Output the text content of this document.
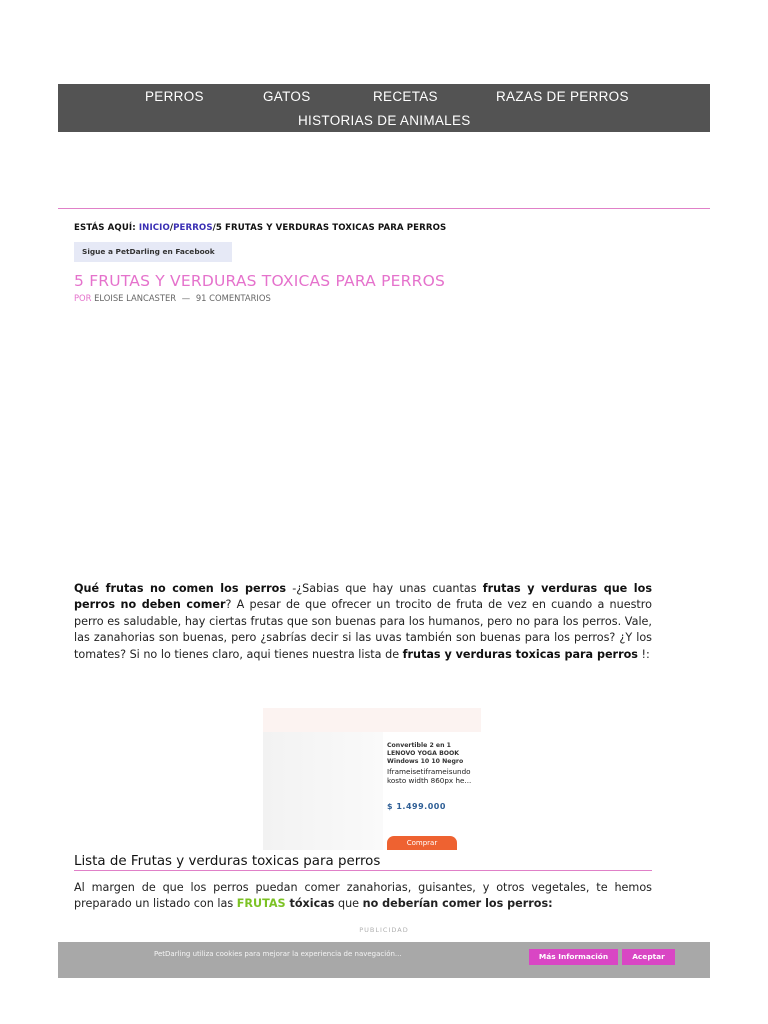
PERROS	GATOS	RECETAS	RAZAS DE PERROS
HISTORIAS DE ANIMALES
ESTÁS AQUÍ: INICIO/PERROS/5 FRUTAS Y VERDURAS TOXICAS PARA PERROS
Sigue a PetDarling en Facebook
5 FRUTAS Y VERDURAS TOXICAS PARA PERROS
POR ELOISE LANCASTER — 91 COMENTARIOS

Qué frutas no comen los perros -¿Sabias que hay unas cuantas frutas y verduras que los perros no deben comer? A pesar de que ofrecer un trocito de fruta de vez en cuando a nuestro perro es saludable, hay ciertas frutas que son buenas para los humanos, pero no para los perros. Vale, las zanahorias son buenas, pero ¿sabrías decir si las uvas también son buenas para los perros? ¿Y los tomates? Si no lo tienes claro, aqui tienes nuestra lista de frutas y verduras toxicas para perros !:

Convertible 2 en 1 LENOVO YOGA BOOK Windows 10 10 Negro
Iframeisetiframeisundo kosto width 860px he...
$ 1.499.000
Comprar
Lista de Frutas y verduras toxicas para perros

Al margen de que los perros puedan comer zanahorias, guisantes, y otros vegetales, te hemos preparado un listado con las FRUTAS tóxicas que no deberían comer los perros:

PUBLICIDAD
PetDarling utiliza cookies para mejorar la experiencia de navegación...	Más Información	Aceptar
